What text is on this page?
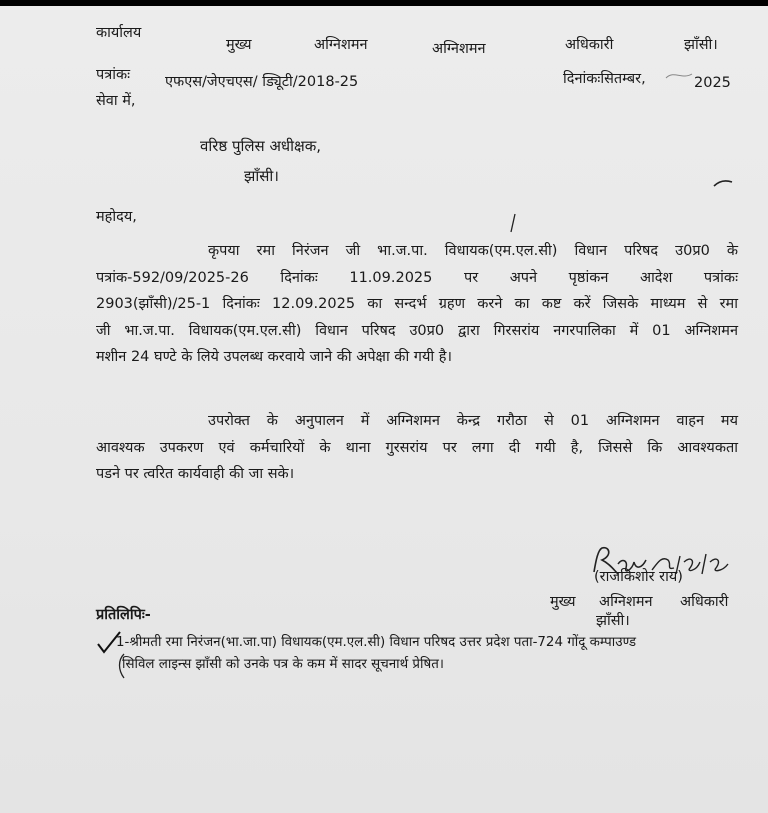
कार्यालय
मुख्य	अग्निशमन	अग्निशमन	अधिकारी	झाँसी।
पत्रांकः एफएस/जेएचएस/ ड्यिूटी/2018-25	दिनांकःसितम्बर,	2025
सेवा में,
वरिष्ठ पुलिस अधीक्षक,
झाँसी।
महोदय,
कृपया रमा निरंजन जी भा.ज.पा. विधायक(एम.एल.सी) विधान परिषद उ0प्र0 के
पत्रांक-592/09/2025-26 दिनांकः 11.09.2025 पर अपने पृष्ठांकन आदेश पत्रांकः
2903(झाँसी)/25-1 दिनांकः 12.09.2025 का सन्दर्भ ग्रहण करने का कष्ट करें जिसके माध्यम से रमा
जी भा.ज.पा. विधायक(एम.एल.सी) विधान परिषद उ0प्र0 द्वारा गिरसरांय नगरपालिका में 01 अग्निशमन
मशीन 24 घण्टे के लिये उपलब्ध करवाये जाने की अपेक्षा की गयी है।
उपरोक्त के अनुपालन में अग्निशमन केन्द्र गरौठा से 01 अग्निशमन वाहन मय
आवश्यक उपकरण एवं कर्मचारियों के थाना गुरसरांय पर लगा दी गयी है, जिससे कि आवश्यकता
पडने पर त्वरित कार्यवाही की जा सके।
(राजकिशोर राय)
मुख्य अग्निशमन अधिकारी
झाँसी।
प्रतिलिपिः-
1-श्रीमती रमा निरंजन(भा.जा.पा) विधायक(एम.एल.सी) विधान परिषद उत्तर प्रदेश पता-724 गोंदू कम्पाउण्ड
सिविल लाइन्स झाँसी को उनके पत्र के कम में सादर सूचनार्थ प्रेषित।
